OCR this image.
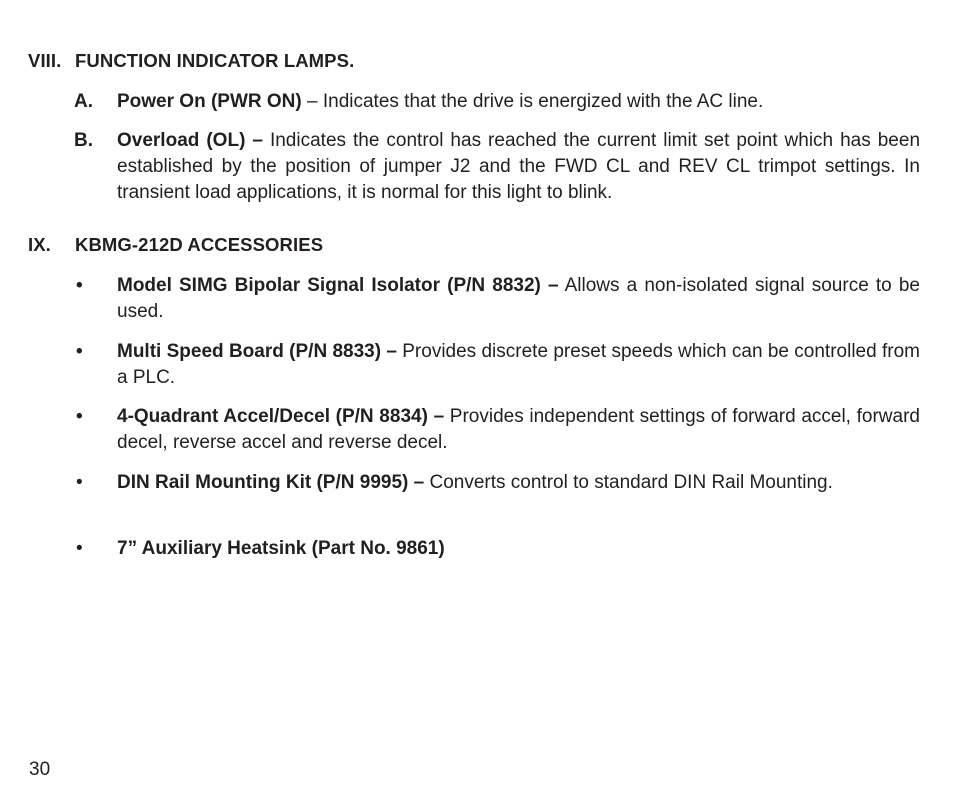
VIII. FUNCTION INDICATOR LAMPS.
A.	Power On (PWR ON) – Indicates that the drive is energized with the AC line.
B.	Overload (OL) – Indicates the control has reached the current limit set point which has been established by the position of jumper J2 and the FWD CL and REV CL trimpot settings. In transient load applications, it is normal for this light to blink.
IX. KBMG-212D ACCESSORIES
•	Model SIMG Bipolar Signal Isolator (P/N 8832) – Allows a non-isolated signal source to be used.
•	Multi Speed Board (P/N 8833) – Provides discrete preset speeds which can be controlled from a PLC.
•	4-Quadrant Accel/Decel (P/N 8834) – Provides independent settings of forward accel, forward decel, reverse accel and reverse decel.
•	DIN Rail Mounting Kit (P/N 9995) – Converts control to standard DIN Rail Mounting.
•	7” Auxiliary Heatsink (Part No. 9861)
30
